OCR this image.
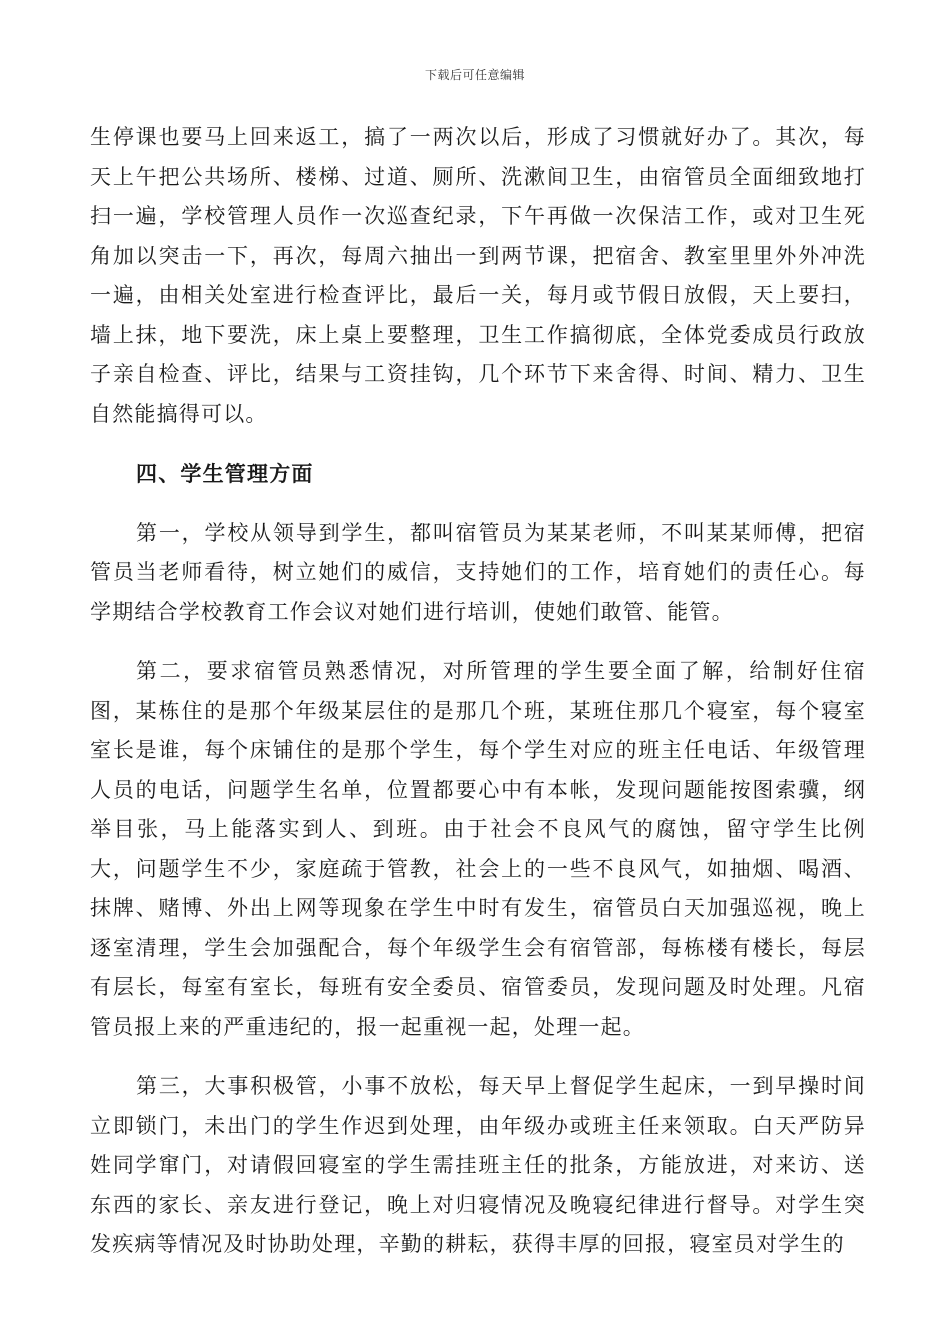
下载后可任意编辑

生停课也要马上回来返工，搞了一两次以后，形成了习惯就好办了。其次，每天上午把公共场所、楼梯、过道、厕所、洗漱间卫生，由宿管员全面细致地打扫一遍，学校管理人员作一次巡查纪录，下午再做一次保洁工作，或对卫生死角加以突击一下，再次，每周六抽出一到两节课，把宿舍、教室里里外外冲洗一遍，由相关处室进行检查评比，最后一关，每月或节假日放假，天上要扫，墙上抹，地下要洗，床上桌上要整理，卫生工作搞彻底，全体党委成员行政放子亲自检查、评比，结果与工资挂钩，几个环节下来舍得、时间、精力、卫生自然能搞得可以。

四、学生管理方面

第一，学校从领导到学生，都叫宿管员为某某老师，不叫某某师傅，把宿管员当老师看待，树立她们的威信，支持她们的工作，培育她们的责任心。每学期结合学校教育工作会议对她们进行培训，使她们敢管、能管。

第二，要求宿管员熟悉情况，对所管理的学生要全面了解，给制好住宿图，某栋住的是那个年级某层住的是那几个班，某班住那几个寝室，每个寝室室长是谁，每个床铺住的是那个学生，每个学生对应的班主任电话、年级管理人员的电话，问题学生名单，位置都要心中有本帐，发现问题能按图索骥，纲举目张，马上能落实到人、到班。由于社会不良风气的腐蚀，留守学生比例大，问题学生不少，家庭疏于管教，社会上的一些不良风气，如抽烟、喝酒、抹牌、赌博、外出上网等现象在学生中时有发生，宿管员白天加强巡视，晚上逐室清理，学生会加强配合，每个年级学生会有宿管部，每栋楼有楼长，每层有层长，每室有室长，每班有安全委员、宿管委员，发现问题及时处理。凡宿管员报上来的严重违纪的，报一起重视一起，处理一起。

第三，大事积极管，小事不放松，每天早上督促学生起床，一到早操时间立即锁门，未出门的学生作迟到处理，由年级办或班主任来领取。白天严防异姓同学窜门，对请假回寝室的学生需挂班主任的批条，方能放进，对来访、送东西的家长、亲友进行登记，晚上对归寝情况及晚寝纪律进行督导。对学生突发疾病等情况及时协助处理，辛勤的耕耘，获得丰厚的回报，寝室员对学生的
